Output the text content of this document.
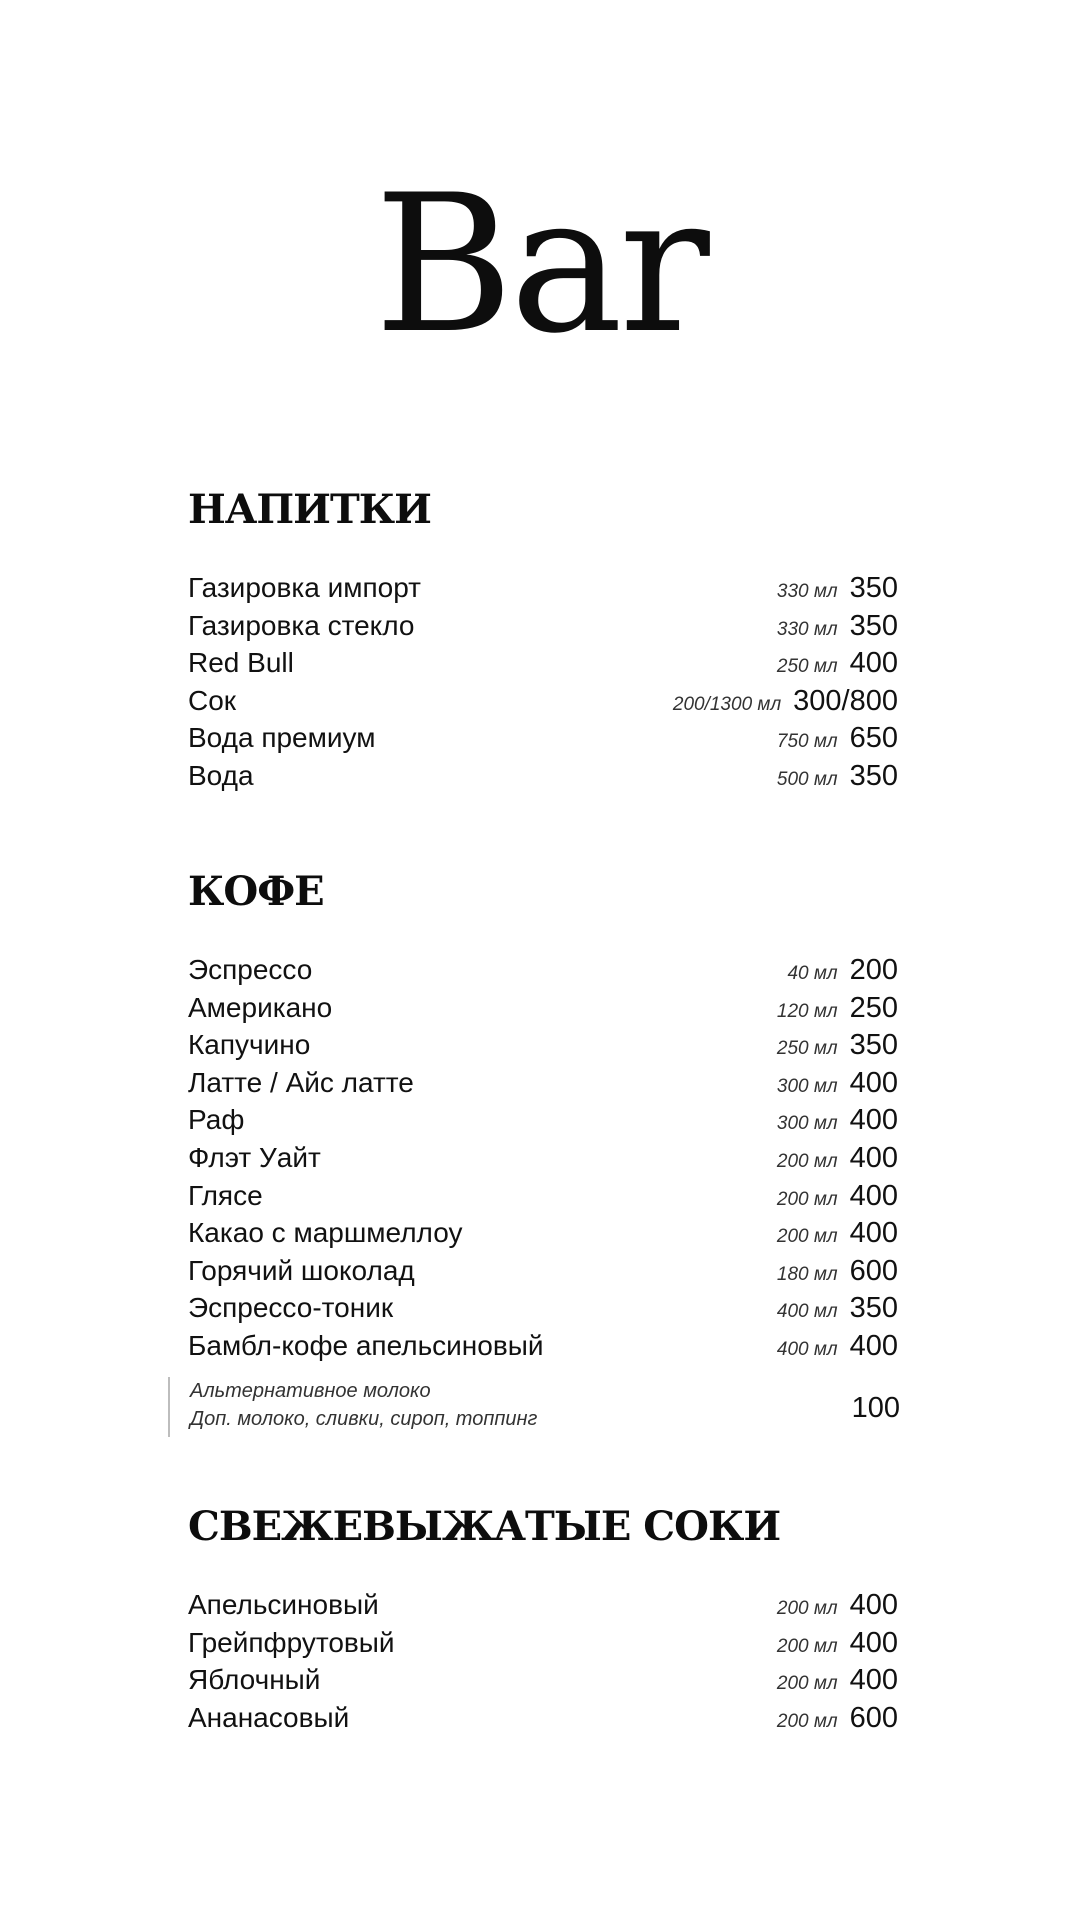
Bar
НАПИТКИ
Газировка импорт	330 мл 350
Газировка стекло	330 мл 350
Red Bull	250 мл 400
Сок	200/1300 мл 300/800
Вода премиум	750 мл 650
Вода	500 мл 350
КОФЕ
Эспрессо	40 мл 200
Американо	120 мл 250
Капучино	250 мл 350
Латте / Айс латте	300 мл 400
Раф	300 мл 400
Флэт Уайт	200 мл 400
Глясе	200 мл 400
Какао с маршмеллоу	200 мл 400
Горячий шоколад	180 мл 600
Эспрессо-тоник	400 мл 350
Бамбл-кофе апельсиновый	400 мл 400
Альтернативное молоко
Доп. молоко, сливки, сироп, топпинг	100
СВЕЖЕВЫЖАТЫЕ СОКИ
Апельсиновый	200 мл 400
Грейпфрутовый	200 мл 400
Яблочный	200 мл 400
Ананасовый	200 мл 600
